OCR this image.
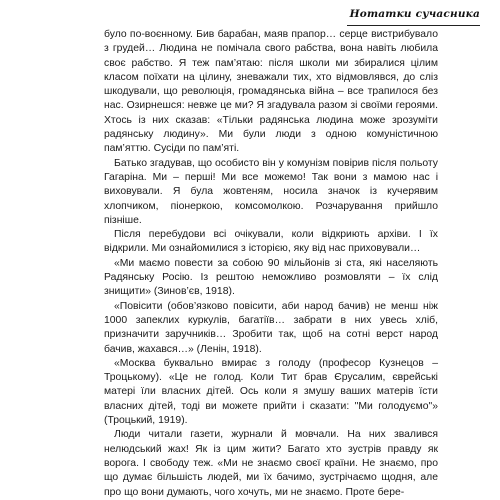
Нотатки сучасника

було по-воєнному. Бив барабан, маяв прапор… серце вистрибувало з грудей… Людина не помічала свого рабства, вона навіть любила своє рабство. Я теж пам’ятаю: після школи ми збиралися цілим класом поїхати на цілину, зневажали тих, хто відмовлявся, до сліз шкодували, що революція, громадянська війна – все трапилося без нас. Озирнешся: невже це ми? Я згадувала разом зі своїми героями. Хтось із них сказав: «Тільки радянська людина може зрозуміти радянську людину». Ми були люди з одною комуністичною пам’яттю. Сусіди по пам’яті.

Батько згадував, що особисто він у комунізм повірив після польоту Гагаріна. Ми – перші! Ми все можемо! Так вони з мамою нас і виховували. Я була жовтеням, носила значок із кучерявим хлопчиком, піонеркою, комсомолкою. Розчарування прийшло пізніше.

Після перебудови всі очікували, коли відкриють архіви. І їх відкрили. Ми ознайомилися з історією, яку від нас приховували…

«Ми маємо повести за собою 90 мільйонів зі ста, які населяють Радянську Росію. Із рештою неможливо розмовляти – їх слід знищити» (Зинов’єв, 1918).

«Повісити (обов’язково повісити, аби народ бачив) не менш ніж 1000 запеклих куркулів, багатіїв… забрати в них увесь хліб, призначити заручників… Зробити так, щоб на сотні верст народ бачив, жахався…» (Ленін, 1918).

«Москва буквально вмирає з голоду (професор Кузнецов – Троцькому). «Це не голод. Коли Тит брав Єрусалим, єврейські матері їли власних дітей. Ось коли я змушу ваших матерів їсти власних дітей, тоді ви можете прийти і сказати: "Ми голодуємо"» (Троцький, 1919).

Люди читали газети, журнали й мовчали. На них звалився нелюдський жах! Як із цим жити? Багато хто зустрів правду як ворога. І свободу теж. «Ми не знаємо своєї країни. Не знаємо, про що думає більшість людей, ми їх бачимо, зустрічаємо щодня, але про що вони думають, чого хочуть, ми не знаємо. Проте бере-
